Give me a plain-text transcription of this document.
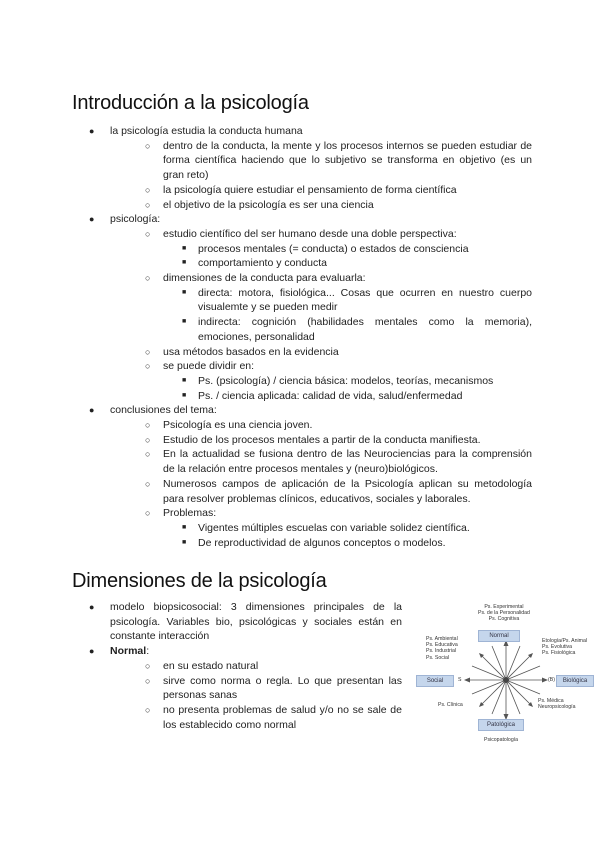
Introducción a la psicología
● la psicología estudia la conducta humana
○ dentro de la conducta, la mente y los procesos internos se pueden estudiar de forma científica haciendo que lo subjetivo se transforma en objetivo (es un gran reto)
○ la psicología quiere estudiar el pensamiento de forma científica
○ el objetivo de la psicología es ser una ciencia
● psicología:
○ estudio científico del ser humano desde una doble perspectiva:
■ procesos mentales (= conducta) o estados de consciencia
■ comportamiento y conducta
○ dimensiones de la conducta para evaluarla:
■ directa: motora, fisiológica... Cosas que ocurren en nuestro cuerpo visualemte y se pueden medir
■ indirecta: cognición (habilidades mentales como la memoria), emociones, personalidad
○ usa métodos basados en la evidencia
○ se puede dividir en:
■ Ps. (psicología) / ciencia básica: modelos, teorías, mecanismos
■ Ps. / ciencia aplicada: calidad de vida, salud/enfermedad
● conclusiones del tema:
○ Psicología es una ciencia joven.
○ Estudio de los procesos mentales a partir de la conducta manifiesta.
○ En la actualidad se fusiona dentro de las Neurociencias para la comprensión de la relación entre procesos mentales y (neuro)biológicos.
○ Numerosos campos de aplicación de la Psicología aplican su metodología para resolver problemas clínicos, educativos, sociales y laborales.
○ Problemas:
■ Vigentes múltiples escuelas con variable solidez científica.
■ De reproductividad de algunos conceptos o modelos.
Dimensiones de la psicología
● modelo biopsicosocial: 3 dimensiones principales de la psicología. Variables bio, psicológicas y sociales están en constante interacción
● Normal:
○ en su estado natural
○ sirve como norma o regla. Lo que presentan las personas sanas
○ no presenta problemas de salud y/o no se sale de los establecido como normal
Ps. Experimental
Ps. de la Personalidad
Ps. Cognitiva
Normal
Ps. Ambiental
Ps. Educativa
Ps. Industrial
Ps. Social
Etología/Ps. Animal
Ps. Evolutiva
Ps. Fisiológica
Social	S	(B)	Biológica
Ps. Clínica
Ps. Médica
Neuropsicología
Patológica
Psicopatología
